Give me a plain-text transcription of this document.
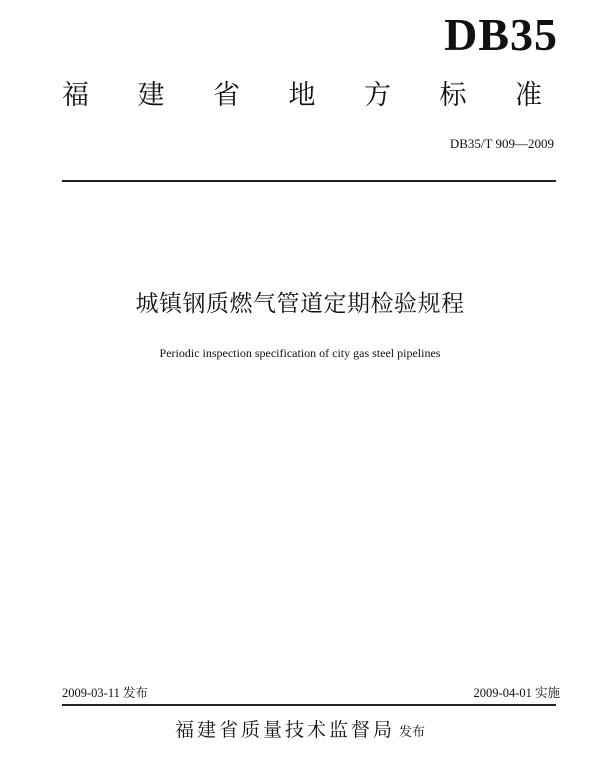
DB35
福 建 省 地 方 标 准
DB35/T 909—2009
城镇钢质燃气管道定期检验规程
Periodic inspection specification of city gas steel pipelines
2009-03-11 发布	2009-04-01 实施
福建省质量技术监督局 发布
